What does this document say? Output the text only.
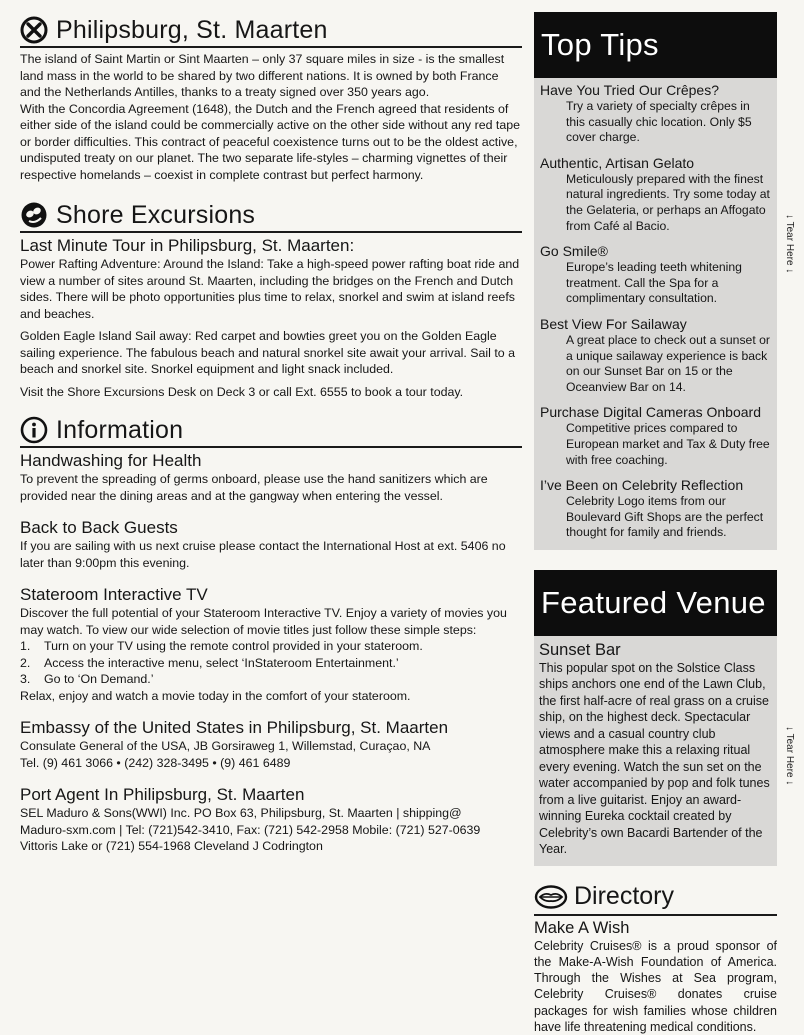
Philipsburg, St. Maarten

The island of Saint Martin or Sint Maarten – only 37 square miles in size - is the smallest land mass in the world to be shared by two different nations. It is owned by both France and the Netherlands Antilles, thanks to a treaty signed over 350 years ago.

With the Concordia Agreement (1648), the Dutch and the French agreed that residents of either side of the island could be commercially active on the other side without any red tape or border difficulties. This contract of peaceful coexistence turns out to be the oldest active, undisputed treaty on our planet. The two separate life-styles – charming vignettes of their respective homelands – coexist in complete contrast but perfect harmony.

Shore Excursions
Last Minute Tour in Philipsburg, St. Maarten:

Power Rafting Adventure: Around the Island: Take a high-speed power rafting boat ride and view a number of sites around St. Maarten, including the bridges on the French and Dutch sides. There will be photo opportunities plus time to relax, snorkel and swim at island reefs and beaches.

Golden Eagle Island Sail away: Red carpet and bowties greet you on the Golden Eagle sailing experience. The fabulous beach and natural snorkel site await your arrival. Sail to a beach and snorkel site. Snorkel equipment and light snack included.

Visit the Shore Excursions Desk on Deck 3 or call Ext. 6555 to book a tour today.

Information
Handwashing for Health

To prevent the spreading of germs onboard, please use the hand sanitizers which are provided near the dining areas and at the gangway when entering the vessel.

Back to Back Guests

If you are sailing with us next cruise please contact the International Host at ext. 5406 no later than 9:00pm this evening.

Stateroom Interactive TV

Discover the full potential of your Stateroom Interactive TV. Enjoy a variety of movies you may watch. To view our wide selection of movie titles just follow these simple steps:

1.	Turn on your TV using the remote control provided in your stateroom.
2.	Access the interactive menu, select ‘InStateroom Entertainment.’
3.	Go to ‘On Demand.’

Relax, enjoy and watch a movie today in the comfort of your stateroom.

Embassy of the United States in Philipsburg, St. Maarten

Consulate General of the USA, JB Gorsiraweg 1, Willemstad, Curaçao, NA

Tel. (9) 461 3066 • (242) 328-3495 • (9) 461 6489

Port Agent In Philipsburg, St. Maarten

SEL Maduro & Sons(WWI) Inc. PO Box 63, Philipsburg, St. Maarten | shipping@

Maduro-sxm.com | Tel: (721)542-3410, Fax: (721) 542-2958 Mobile: (721) 527-0639

Vittoris Lake or (721) 554-1968 Cleveland J Codrington

Top Tips
Have You Tried Our Crêpes?
Try a variety of specialty crêpes in this casually chic location. Only $5 cover charge.
Authentic, Artisan Gelato
Meticulously prepared with the finest natural ingredients. Try some today at the Gelateria, or perhaps an Affogato from Café al Bacio.
Go Smile®
Europe’s leading teeth whitening treatment. Call the Spa for a complimentary consultation.
Best View For Sailaway
A great place to check out a sunset or a unique sailaway experience is back on our Sunset Bar on 15 or the Oceanview Bar on 14.
Purchase Digital Cameras Onboard
Competitive prices compared to European market and Tax & Duty free with free coaching.
I’ve Been on Celebrity Reflection
Celebrity Logo items from our Boulevard Gift Shops are the perfect thought for family and friends.
Featured Venue
Sunset Bar
This popular spot on the Solstice Class ships anchors one end of the Lawn Club, the first half-acre of real grass on a cruise ship, on the highest deck. Spectacular views and a casual country club atmosphere make this a relaxing ritual every evening. Watch the sun set on the water accompanied by pop and folk tunes from a live guitarist. Enjoy an award-winning Eureka cocktail created by Celebrity’s own Bacardi Bartender of the Year.
Directory
Make A Wish
Celebrity Cruises® is a proud sponsor of the Make-A-Wish Foundation of America. Through the Wishes at Sea program, Celebrity Cruises® donates cruise packages for wish families whose children have life threatening medical conditions.
↓ Tear Here ↓
↓ Tear Here ↓
